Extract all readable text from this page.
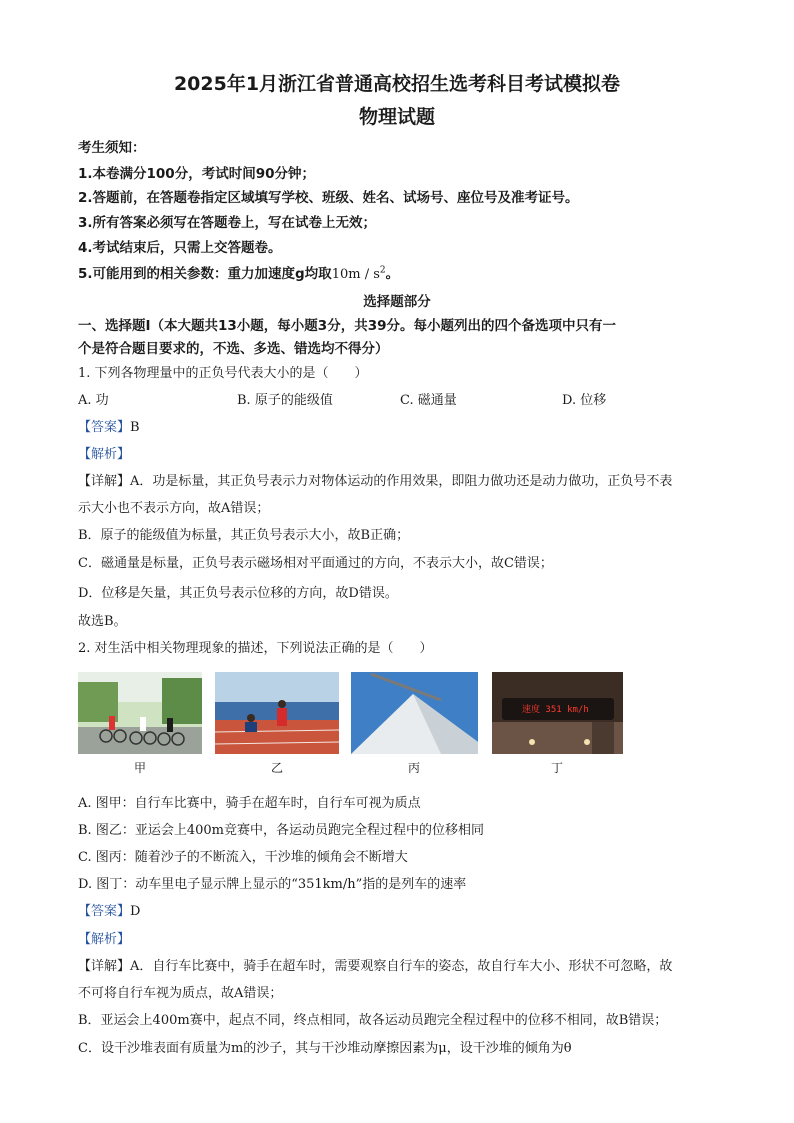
2025年1月浙江省普通高校招生选考科目考试模拟卷
物理试题
考生须知：
1.本卷满分100分，考试时间90分钟；
2.答题前，在答题卷指定区域填写学校、班级、姓名、试场号、座位号及准考证号。
3.所有答案必须写在答题卷上，写在试卷上无效；
4.考试结束后，只需上交答题卷。
5.可能用到的相关参数：重力加速度g均取$10m / s^2$。
选择题部分
一、选择题Ⅰ（本大题共13小题，每小题3分，共39分。每小题列出的四个备选项中只有一
个是符合题目要求的，不选、多选、错选均不得分）
1. 下列各物理量中的正负号代表大小的是（　　）
A. 功	B. 原子的能级值	C. 磁通量	D. 位移
【答案】B
【解析】
【详解】A．功是标量，其正负号表示力对物体运动的作用效果，即阻力做功还是动力做功，正负号不表
示大小也不表示方向，故A错误；
B．原子的能级值为标量，其正负号表示大小，故B正确；
C．磁通量是标量，正负号表示磁场相对平面通过的方向，不表示大小，故C错误；
D．位移是矢量，其正负号表示位移的方向，故D错误。
故选B。
2. 对生活中相关物理现象的描述，下列说法正确的是（　　）
速度 351 km/h
甲	乙	丙	丁
A. 图甲：自行车比赛中，骑手在超车时，自行车可视为质点
B. 图乙：亚运会上400m竞赛中，各运动员跑完全程过程中的位移相同
C. 图丙：随着沙子的不断流入，干沙堆的倾角会不断增大
D. 图丁：动车里电子显示牌上显示的“351km/h”指的是列车的速率
【答案】D
【解析】
【详解】A．自行车比赛中，骑手在超车时，需要观察自行车的姿态，故自行车大小、形状不可忽略，故
不可将自行车视为质点，故A错误；
B．亚运会上400m赛中，起点不同，终点相同，故各运动员跑完全程过程中的位移不相同，故B错误；
C．设干沙堆表面有质量为m的沙子，其与干沙堆动摩擦因素为μ，设干沙堆的倾角为θ
